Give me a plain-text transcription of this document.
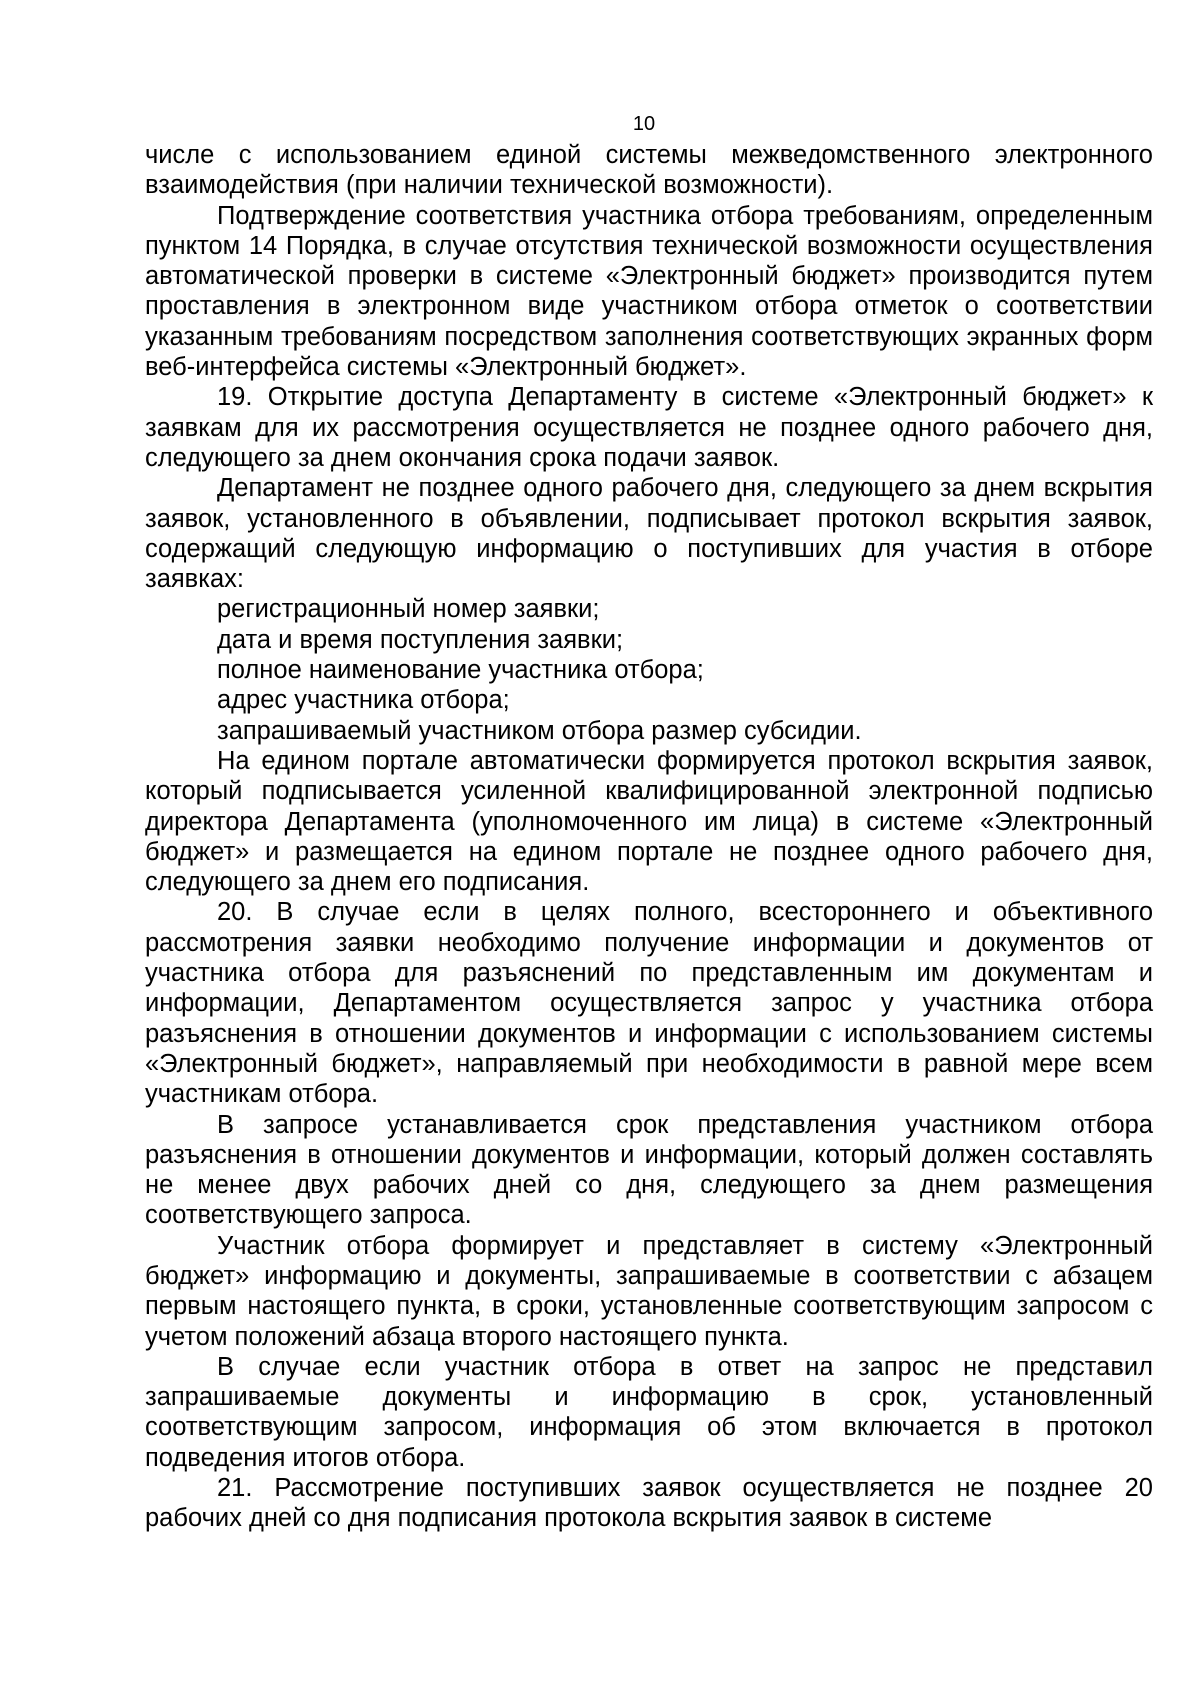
10

числе с использованием единой системы межведомственного электронного взаимодействия (при наличии технической возможности).

Подтверждение соответствия участника отбора требованиям, определенным пунктом 14 Порядка, в случае отсутствия технической возможности осуществления автоматической проверки в системе «Электронный бюджет» производится путем проставления в электронном виде участником отбора отметок о соответствии указанным требованиям посредством заполнения соответствующих экранных форм веб-интерфейса системы «Электронный бюджет».

19. Открытие доступа Департаменту в системе «Электронный бюджет» к заявкам для их рассмотрения осуществляется не позднее одного рабочего дня, следующего за днем окончания срока подачи заявок.

Департамент не позднее одного рабочего дня, следующего за днем вскрытия заявок, установленного в объявлении, подписывает протокол вскрытия заявок, содержащий следующую информацию о поступивших для участия в отборе заявках:

регистрационный номер заявки;

дата и время поступления заявки;

полное наименование участника отбора;

адрес участника отбора;

запрашиваемый участником отбора размер субсидии.

На едином портале автоматически формируется протокол вскрытия заявок, который подписывается усиленной квалифицированной электронной подписью директора Департамента (уполномоченного им лица) в системе «Электронный бюджет» и размещается на едином портале не позднее одного рабочего дня, следующего за днем его подписания.

20. В случае если в целях полного, всестороннего и объективного рассмотрения заявки необходимо получение информации и документов от участника отбора для разъяснений по представленным им документам и информации, Департаментом осуществляется запрос у участника отбора разъяснения в отношении документов и информации с использованием системы «Электронный бюджет», направляемый при необходимости в равной мере всем участникам отбора.

В запросе устанавливается срок представления участником отбора разъяснения в отношении документов и информации, который должен составлять не менее двух рабочих дней со дня, следующего за днем размещения соответствующего запроса.

Участник отбора формирует и представляет в систему «Электронный бюджет» информацию и документы, запрашиваемые в соответствии с абзацем первым настоящего пункта, в сроки, установленные соответствующим запросом с учетом положений абзаца второго настоящего пункта.

В случае если участник отбора в ответ на запрос не представил запрашиваемые документы и информацию в срок, установленный соответствующим запросом, информация об этом включается в протокол подведения итогов отбора.

21. Рассмотрение поступивших заявок осуществляется не позднее 20 рабочих дней со дня подписания протокола вскрытия заявок в системе
